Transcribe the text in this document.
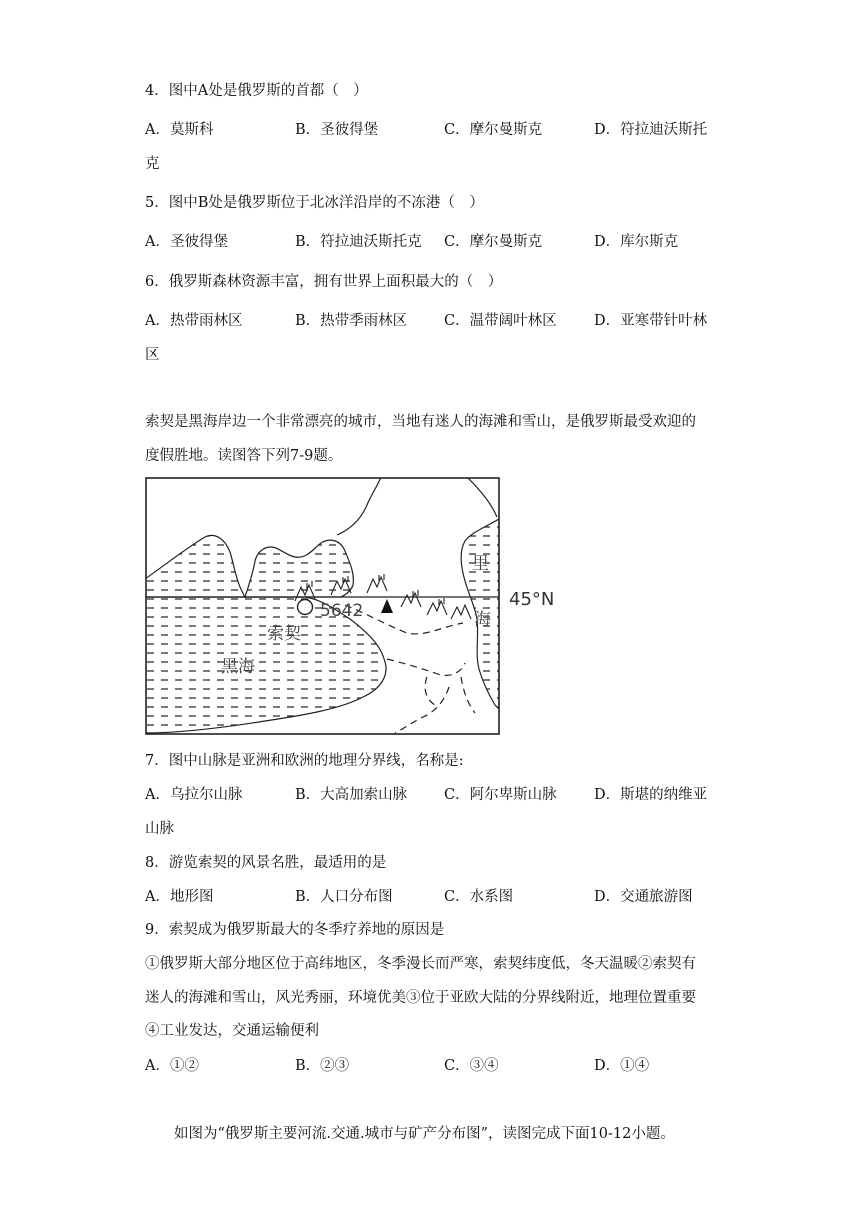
4．图中A处是俄罗斯的首都（　）
A．莫斯科	B．圣彼得堡	C．摩尔曼斯克	D．符拉迪沃斯托
克
5．图中B处是俄罗斯位于北冰洋沿岸的不冻港（　）
A．圣彼得堡	B．符拉迪沃斯托克 C．摩尔曼斯克	D．库尔斯克
6．俄罗斯森林资源丰富，拥有世界上面积最大的（　）
A．热带雨林区	B．热带季雨林区	C．温带阔叶林区	D．亚寒带针叶林
区
索契是黑海岸边一个非常漂亮的城市，当地有迷人的海滩和雪山，是俄罗斯最受欢迎的
度假胜地。读图答下列7-9题。
里
海
45°N
5642
索契
黑海
7．图中山脉是亚洲和欧洲的地理分界线，名称是:
A．乌拉尔山脉	B．大高加索山脉	C．阿尔卑斯山脉	D．斯堪的纳维亚
山脉
8．游览索契的风景名胜，最适用的是
A．地形图	B．人口分布图	C．水系图	D．交通旅游图
9．索契成为俄罗斯最大的冬季疗养地的原因是
①俄罗斯大部分地区位于高纬地区，冬季漫长而严寒，索契纬度低，冬天温暖②索契有
迷人的海滩和雪山，风光秀丽，环境优美③位于亚欧大陆的分界线附近，地理位置重要
④工业发达，交通运输便利
A．①②	B．②③	C．③④	D．①④
如图为“俄罗斯主要河流.交通.城市与矿产分布图”，读图完成下面10-12小题。
